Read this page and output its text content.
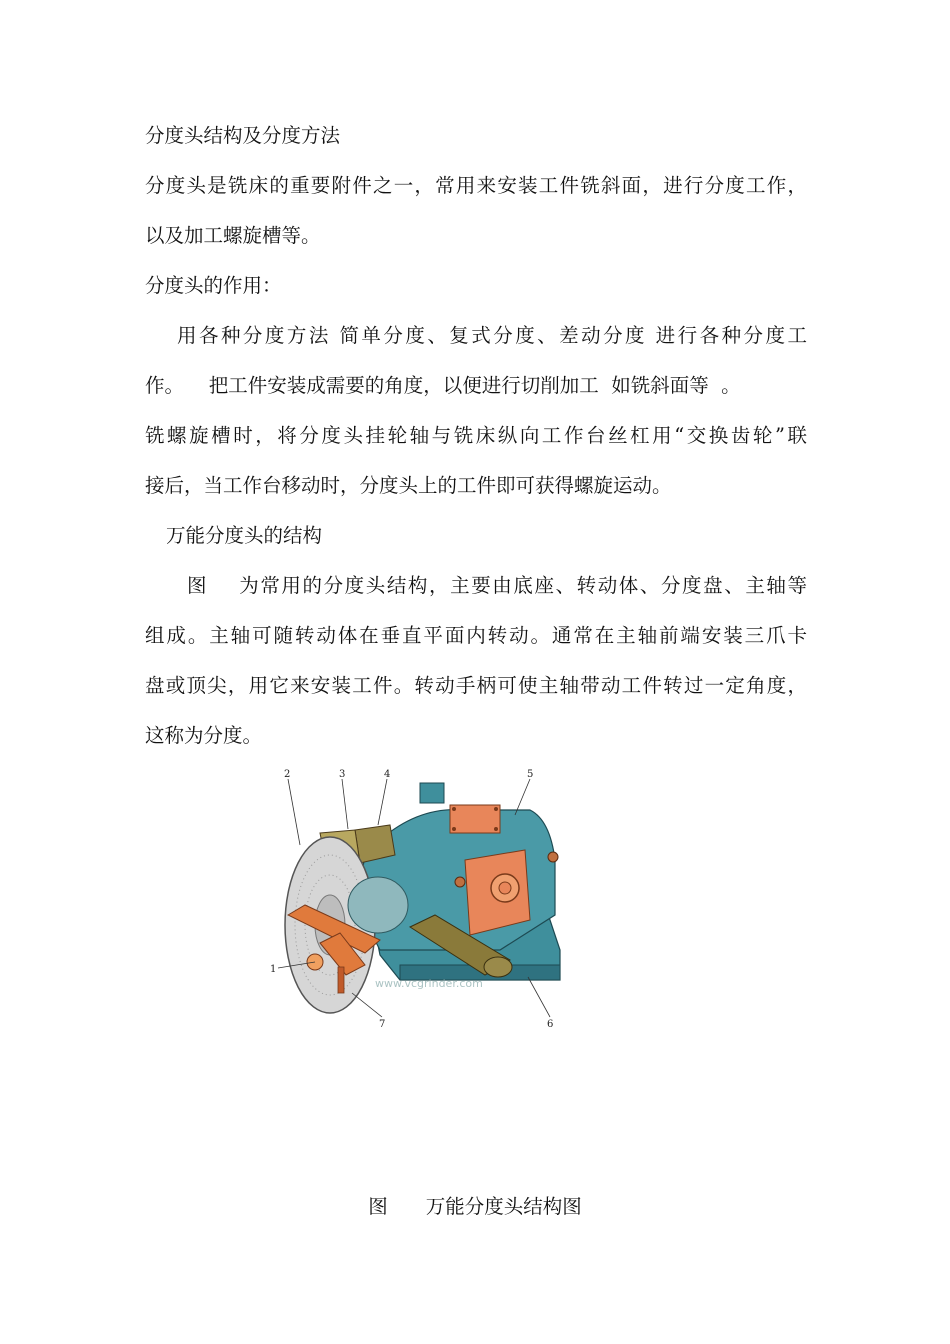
分度头结构及分度方法
分度头是铣床的重要附件之一，常用来安装工件铣斜面，进行分度工作，
以及加工螺旋槽等。
分度头的作用：
用各种分度方法 简单分度、复式分度、差动分度 进行各种分度工
作。    把工件安装成需要的角度，以便进行切削加工  如铣斜面等  。
铣螺旋槽时，将分度头挂轮轴与铣床纵向工作台丝杠用“交换齿轮”联
接后，当工作台移动时，分度头上的工件即可获得螺旋运动。
万能分度头的结构
图    为常用的分度头结构，主要由底座、转动体、分度盘、主轴等
组成。主轴可随转动体在垂直平面内转动。通常在主轴前端安装三爪卡
盘或顶尖，用它来安装工件。转动手柄可使主轴带动工件转过一定角度，
这称为分度。
www.vcgrinder.com
2	3	4	5
1
7	6
图 万能分度头结构图
